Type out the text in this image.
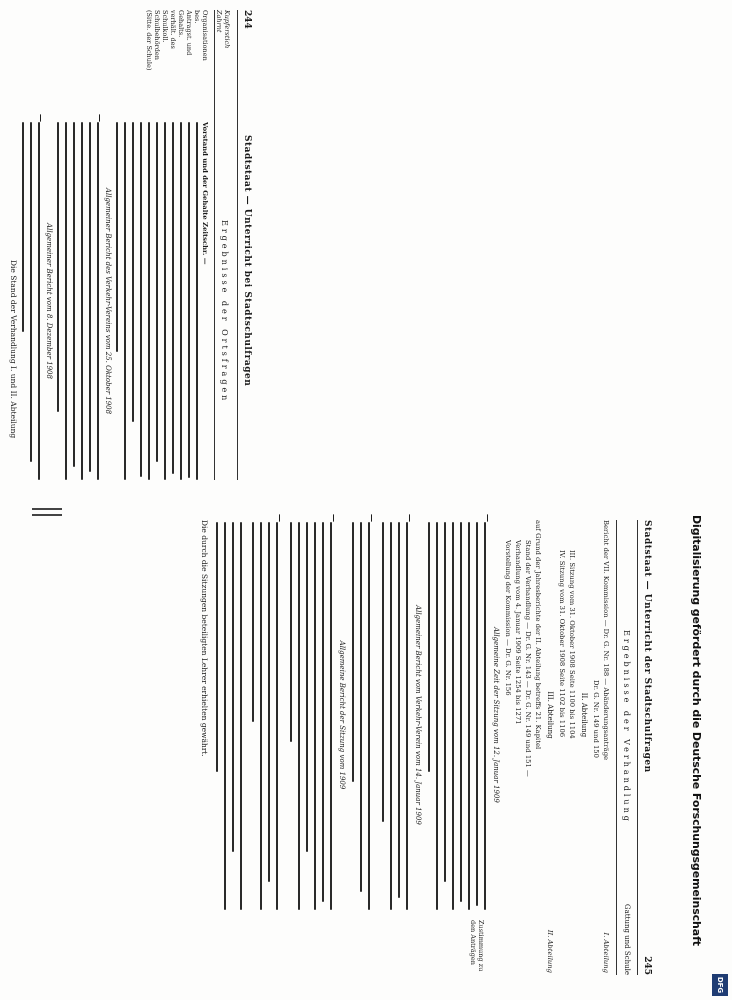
244
Stadtstaat — Unterricht bei Stadtschulfragen
Kupferstich Zahrnt
Ergebnisse der Ortsfragen
Organisationen bes.
Antragst. und Gehalts.
verhält. des Schulkoll.
Schulbehörden
(Sitte. der Schule)
Vorstand und der Gehalte Zeitschr. —
Allgemeiner Bericht des Verkehr-Vereins vom 25. Oktober 1908
—
Allgemeiner Bericht vom 8. Dezember 1908
—
Die Stand der Verhandlung I. und II. Abteilung
Stadtstaat — Unterricht der Stadtschulfragen
245
Ergebnisse der Verhandlung
Gattung und Schule
Bericht der VII. Kommission — Dr. G. Nr. 188 — Abänderungsanträge
Dr. G. Nr. 149 und 150
I. Abteilung
II. Abteilung
III. Sitzung vom 31. Oktober 1908 Seite 1100 bis 1104
IV. Sitzung vom 31. Oktober 1908 Seite 1102 bis 1106
III. Abteilung
II. Abteilung
auf Grund der Jahresberichte der II. Abteilung betreffs 21. Kapitel
Stand der Verhandlung — Dr. G. Nr. 143 — Dr. G. Nr. 149 und 151 —
Verhandlung vom 4. Januar 1909 Seite 1254 bis 1271
Vorstellung der Kommission — Dr. G. Nr. 156
Allgemeine Zeit der Sitzung vom 12. Januar 1909
—
Zustimmung zu den Anträgen
Allgemeiner Bericht vom Verkehr-Verein vom 14. Januar 1909
—
—
Allgemeine Bericht der Sitzung vom 1909
—
—
Die durch die Sitzungen beteiligten Lehrer erhielten gewährt.	Digitalisierung gefördert durch die Deutsche Forschungsgemeinschaft
DFG
